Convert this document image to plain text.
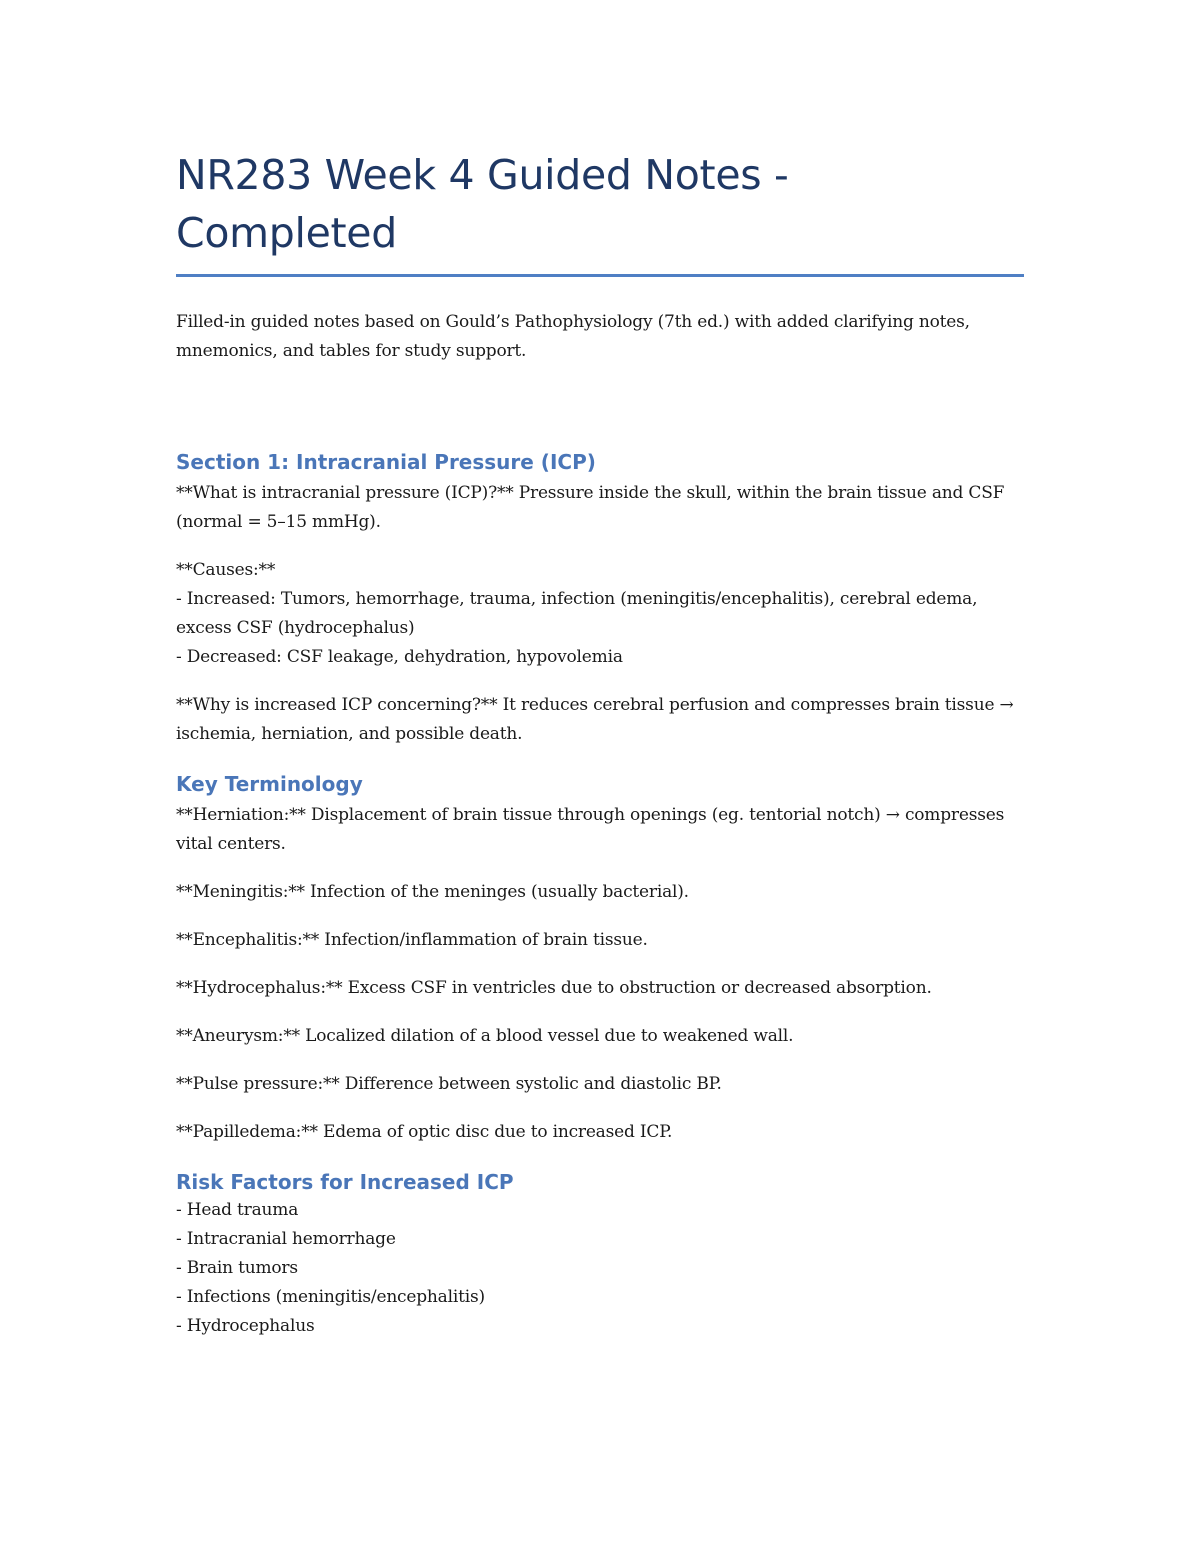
NR283 Week 4 Guided Notes -
Completed

Filled-in guided notes based on Gould’s Pathophysiology (7th ed.) with added clarifying notes, mnemonics, and tables for study support.

Section 1: Intracranial Pressure (ICP)

**What is intracranial pressure (ICP)?** Pressure inside the skull, within the brain tissue and CSF (normal = 5–15 mmHg).

**Causes:**

- Increased: Tumors, hemorrhage, trauma, infection (meningitis/encephalitis), cerebral edema, excess CSF (hydrocephalus)

- Decreased: CSF leakage, dehydration, hypovolemia

**Why is increased ICP concerning?** It reduces cerebral perfusion and compresses brain tissue → ischemia, herniation, and possible death.

Key Terminology

**Herniation:** Displacement of brain tissue through openings (eg. tentorial notch) → compresses vital centers.

**Meningitis:** Infection of the meninges (usually bacterial).

**Encephalitis:** Infection/inflammation of brain tissue.

**Hydrocephalus:** Excess CSF in ventricles due to obstruction or decreased absorption.

**Aneurysm:** Localized dilation of a blood vessel due to weakened wall.

**Pulse pressure:** Difference between systolic and diastolic BP.

**Papilledema:** Edema of optic disc due to increased ICP.

Risk Factors for Increased ICP
- Head trauma
- Intracranial hemorrhage
- Brain tumors
- Infections (meningitis/encephalitis)
- Hydrocephalus
